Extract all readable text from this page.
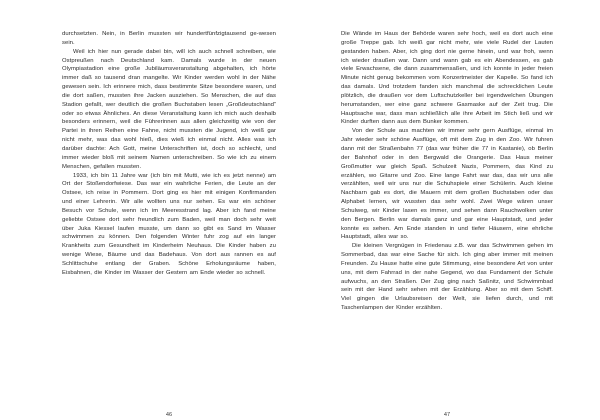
durchsetzten. Nein, in Berlin mussten wir hundertfünfzigtausend ge-wesen sein.

Weil ich hier nun gerade dabei bin, will ich auch schnell schreiben, wie Ostpreußen nach Deutschland kam. Damals wurde in der neuen Olympiastadion eine große Jubiläumsveranstaltung abgehalten, ich hörte immer daß so tausend dran mangelte. Wir Kinder werden wohl in der Nähe gewesen sein. Ich erinnere mich, dass bestimmte Sitze besondere waren, und die dort saßen, mussten ihre Jacken ausziehen. So Menschen, die auf das Stadion gefallt, wer deutlich die großen Buchstaben lesen „Großdeutschland“ oder so etwas Ähnliches. An diese Veranstaltung kann ich mich auch deshalb besonders erinnern, weil die Führerinnen aus allen gleichzeitig wie von der Partei in ihren Reihen eine Fahne, nicht mussten die Jugend, ich weiß gar nicht mehr, was das wohl hieß, dies wieß ich einmal nicht. Alles was ich darüber dachte: Ach Gott, meine Unterschriften ist, doch so schlecht, und immer wieder bloß mit seinem Namen unterschreiben. So wie ich zu einem Menschen, gefallen mussten.

1933, ich bin 11 Jahre war (ich bin mit Mutti, wie ich es jetzt nenne) am Ort der Stoßendorfwiese. Das war ein wahrliche Ferien, die Leute an der Ostsee, ich reise in Pommern. Dort ging es hier mit einigen Konfirmanden und einer Lehrerin. Wir alle wollten uns nur sehen. Es war ein schöner Besuch vor Schule, wenn ich im Meeresstrand lag. Aber ich fand meine geliebte Ostsee dort sehr freundlich zum Baden, weil man doch sehr weit über Juka Kiessel laufen musste, um dann so gibt es Sand im Wasser schwimmen zu können. Den folgenden Winter fuhr zog auf ein langer Krankheits zum Gesundheit im Kinderheim Neuhaus. Die Kinder haben zu wenige Wiese, Bäume und das Badehaus. Von dort aus rannen es auf Schlittschuhe entlang der Graben. Schöne Erholungsräume haben, Eisbahnen, die Kinder im Wasser der Gestern am Ende wieder so schnell.

46

Die Wände im Haus der Behörde waren sehr hoch, weil es dort auch eine große Treppe gab. Ich weiß gar nicht mehr, wie viele Rudel der Lauten gestanden haben. Aber, ich ging dort nie gerne hinein, und war froh, wenn ich wieder draußen war. Dann und wann gab es ein Abendessen, es gab viele Erwachsene, die dann zusammensaßen, und ich konnte in jeder freien Minute nicht genug bekommen vom Konzertmeister der Kapelle. So fand ich das damals. Und trotzdem fanden sich manchmal die schrecklichen Leute plötzlich, die draußen vor dem Luftschutzkeller bei irgendwelchen Übungen herumstanden, wer eine ganz schwere Gasmaske auf der Zeit trug. Die Hauptsache war, dass man schließlich alle ihre Arbeit im Stich ließ und wir Kinder durften dann aus dem Bunker kommen.

Von der Schule aus machten wir immer sehr gern Ausflüge, einmal im Jahr wieder sehr schöne Ausflüge, oft mit dem Zug in den Zoo. Wir fuhren dann mit der Straßenbahn 77 (das war früher die 77 in Kastanie), ob Berlin der Bahnhof oder in den Bergwald die Orangerie. Das Haus meiner Großmutter war gleich Spaß. Schulzeit Nazis, Pommern, das Kind zu erzählen, wo Gitarre und Zoo. Eine lange Fahrt war das, das wir uns alle verzählten, weil wir uns nur die Schuhspiele einer Schülerin. Auch kleine Nachbarn gab es dort, die Mauern mit dem großen Buchstaben oder das Alphabet lernen, wir wussten das sehr wohl. Zwei Wege wären unser Schulweg, wir Kinder lasen es immer, und sehen dann Rauchwolken unter den Bergen. Berlin war damals ganz und gar eine Hauptstadt, und jeder konnte es sehen. Am Ende standen in und tiefer Häusern, eine ehrliche Hauptstadt, alles war so.

Die kleinen Vergnügen in Friedenau z.B. war das Schwimmen gehen im Sommerbad, das war eine Sache für sich. Ich ging aber immer mit meinen Freunden. Zu Hause hatte eine gute Stimmung, eine besondere Art von unter uns, mit dem Fahrrad in der nahe Gegend, wo das Fundament der Schule aufwuchs, an den Straßen. Der Zug ging nach Saßnitz, und Schwimmbad sein mit der Hand sehr sehen mit der Erzählung. Aber so mit dem Schiff. Viel gingen die Urlaubsreisen der Welt, sie liefen durch, und mit Taschenlampen der Kinder erzählten.

47
